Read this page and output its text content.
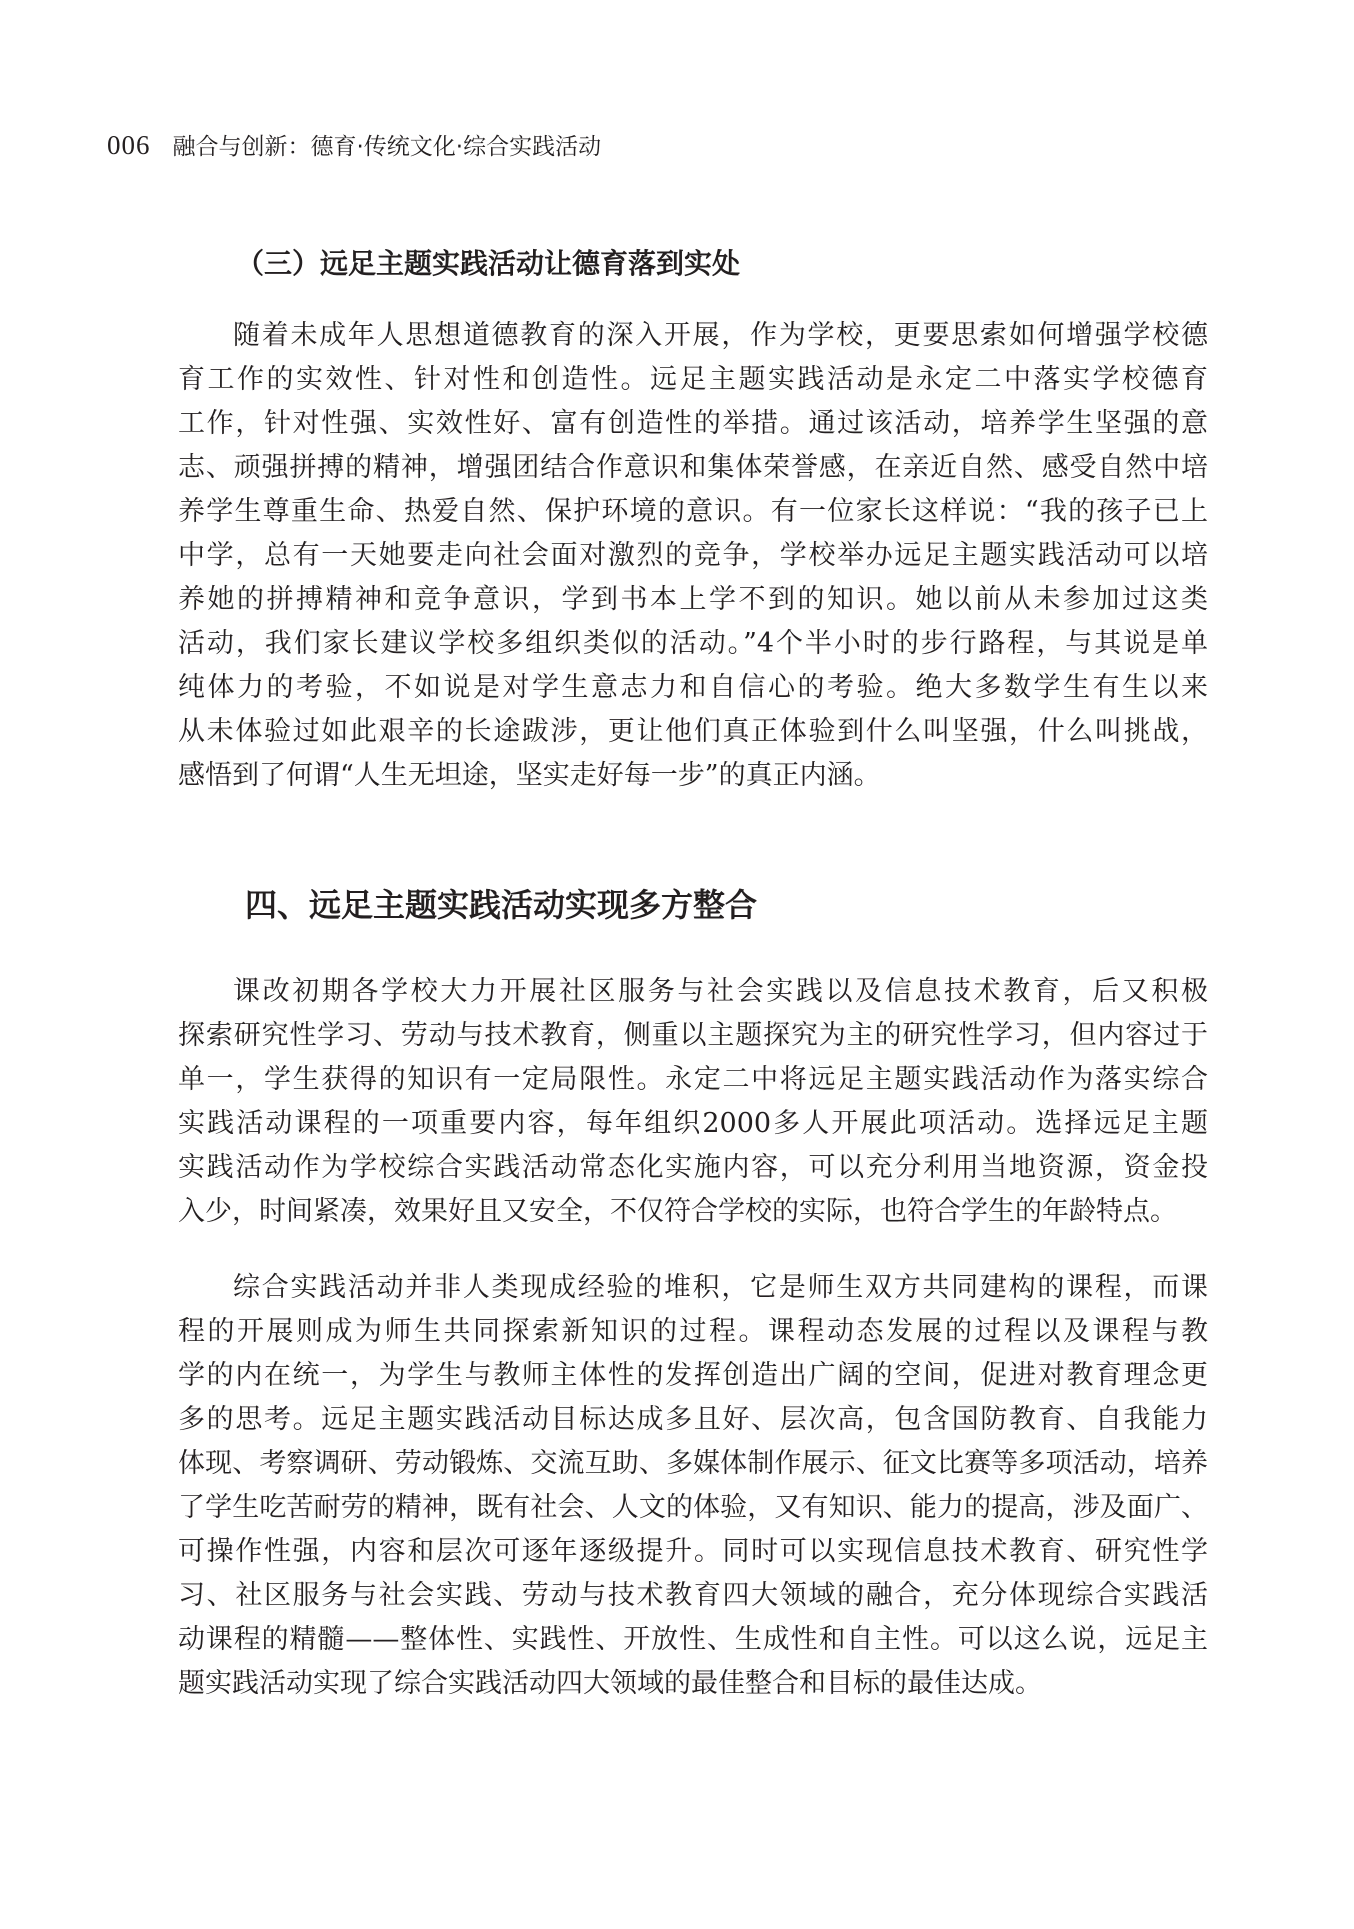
006 融合与创新：德育·传统文化·综合实践活动
（三）远足主题实践活动让德育落到实处
随着未成年人思想道德教育的深入开展，作为学校，更要思索如何增强学校德
育工作的实效性、针对性和创造性。远足主题实践活动是永定二中落实学校德育
工作，针对性强、实效性好、富有创造性的举措。通过该活动，培养学生坚强的意
志、顽强拼搏的精神，增强团结合作意识和集体荣誉感，在亲近自然、感受自然中培
养学生尊重生命、热爱自然、保护环境的意识。有一位家长这样说：“我的孩子已上
中学，总有一天她要走向社会面对激烈的竞争，学校举办远足主题实践活动可以培
养她的拼搏精神和竞争意识，学到书本上学不到的知识。她以前从未参加过这类
活动，我们家长建议学校多组织类似的活动。”4个半小时的步行路程，与其说是单
纯体力的考验，不如说是对学生意志力和自信心的考验。绝大多数学生有生以来
从未体验过如此艰辛的长途跋涉，更让他们真正体验到什么叫坚强，什么叫挑战，
感悟到了何谓“人生无坦途，坚实走好每一步”的真正内涵。
四、远足主题实践活动实现多方整合
课改初期各学校大力开展社区服务与社会实践以及信息技术教育，后又积极
探索研究性学习、劳动与技术教育，侧重以主题探究为主的研究性学习，但内容过于
单一，学生获得的知识有一定局限性。永定二中将远足主题实践活动作为落实综合
实践活动课程的一项重要内容，每年组织2000多人开展此项活动。选择远足主题
实践活动作为学校综合实践活动常态化实施内容，可以充分利用当地资源，资金投
入少，时间紧凑，效果好且又安全，不仅符合学校的实际，也符合学生的年龄特点。
综合实践活动并非人类现成经验的堆积，它是师生双方共同建构的课程，而课
程的开展则成为师生共同探索新知识的过程。课程动态发展的过程以及课程与教
学的内在统一，为学生与教师主体性的发挥创造出广阔的空间，促进对教育理念更
多的思考。远足主题实践活动目标达成多且好、层次高，包含国防教育、自我能力
体现、考察调研、劳动锻炼、交流互助、多媒体制作展示、征文比赛等多项活动，培养
了学生吃苦耐劳的精神，既有社会、人文的体验，又有知识、能力的提高，涉及面广、
可操作性强，内容和层次可逐年逐级提升。同时可以实现信息技术教育、研究性学
习、社区服务与社会实践、劳动与技术教育四大领域的融合，充分体现综合实践活
动课程的精髓——整体性、实践性、开放性、生成性和自主性。可以这么说，远足主
题实践活动实现了综合实践活动四大领域的最佳整合和目标的最佳达成。
